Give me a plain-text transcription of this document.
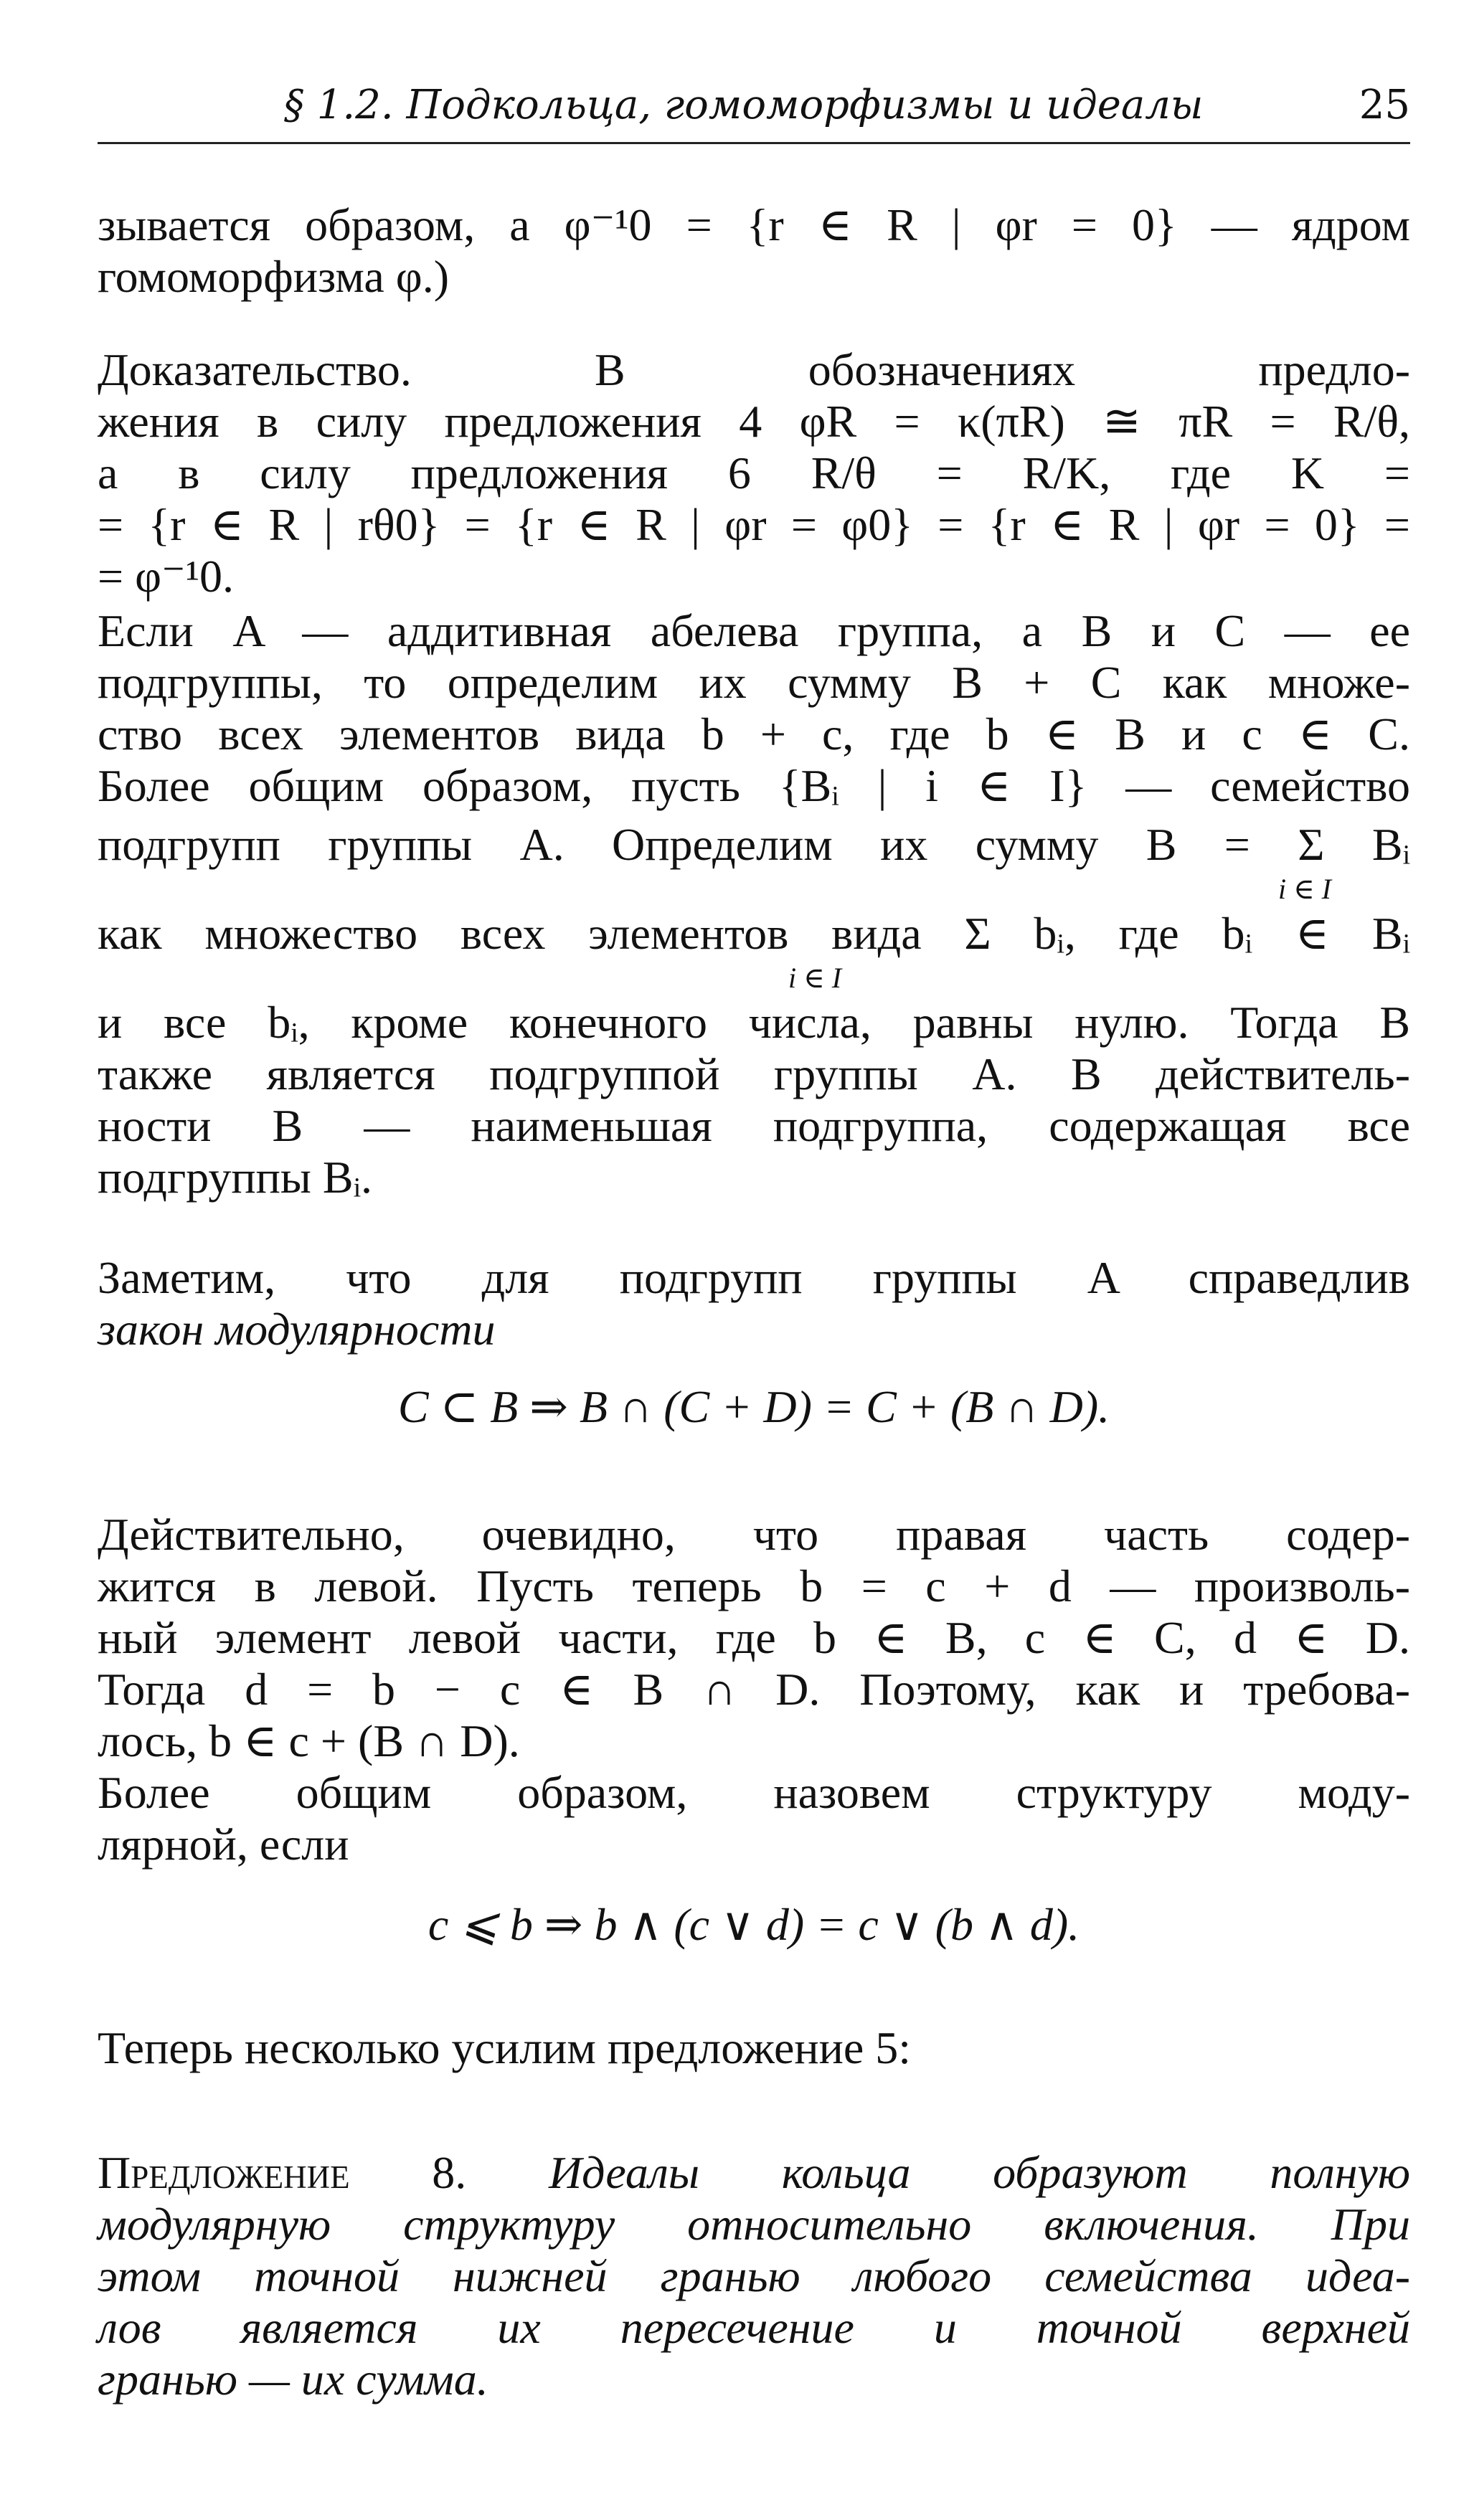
§ 1.2. Подкольца, гомоморфизмы и идеалы	25
зывается образом, а φ⁻¹0 = {r ∈ R | φr = 0} — ядром
гомоморфизма φ.)
Доказательство. В обозначениях предло-
жения в силу предложения 4 φR = κ(πR) ≅ πR = R/θ,
а в силу предложения 6 R/θ = R/K, где K =
= {r ∈ R | rθ0} = {r ∈ R | φr = φ0} = {r ∈ R | φr = 0} =
= φ⁻¹0.
Если A — аддитивная абелева группа, а B и C — ее
подгруппы, то определим их сумму B + C как множе-
ство всех элементов вида b + c, где b ∈ B и c ∈ C.
Более общим образом, пусть {Bᵢ | i ∈ I} — семейство
подгрупп группы A. Определим их сумму B = Σ Bᵢ
i ∈ I
как множество всех элементов вида Σ bᵢ, где bᵢ ∈ Bᵢ
i ∈ I
и все bᵢ, кроме конечного числа, равны нулю. Тогда B
также является подгруппой группы A. В действитель-
ности B — наименьшая подгруппа, содержащая все
подгруппы Bᵢ.
Заметим, что для подгрупп группы A справедлив
закон модулярности
C ⊂ B ⇒ B ∩ (C + D) = C + (B ∩ D).
Действительно, очевидно, что правая часть содер-
жится в левой. Пусть теперь b = c + d — произволь-
ный элемент левой части, где b ∈ B, c ∈ C, d ∈ D.
Тогда d = b − c ∈ B ∩ D. Поэтому, как и требова-
лось, b ∈ c + (B ∩ D).
Более общим образом, назовем структуру моду-
лярной, если
c ⩽ b ⇒ b ∧ (c ∨ d) = c ∨ (b ∧ d).
Теперь несколько усилим предложение 5:
Предложение 8. Идеалы кольца образуют полную
модулярную структуру относительно включения. При
этом точной нижней гранью любого семейства идеа-
лов является их пересечение и точной верхней
гранью — их сумма.
